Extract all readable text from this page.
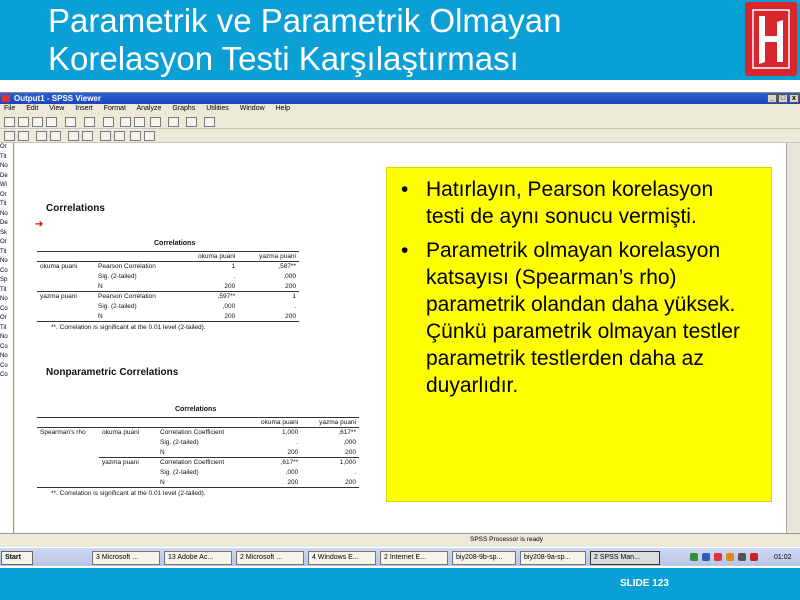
Parametrik ve Parametrik Olmayan
Korelasyon Testi Karşılaştırması
Output1 - SPSS Viewer	_ □ x
File Edit View Insert Format Analyze Graphs Utilities Window Help
Or
Tit
No
De
Wi
Or
Tit
No
De
Sk
Or
Tit
No
Co
Sp
Tit
No
Co
Or
Tit
No
Co
No
Co
Co
➔
Correlations
Correlations
		okuma puani	yazma puani
okuma puani	Pearson Correlation	1	,587**
	Sig. (2-tailed)	.	,000
	N	200	200
yazma puani	Pearson Correlation	,597**	1
	Sig. (2-tailed)	,000	.
	N	200	200
**. Correlation is significant at the 0.01 level (2-tailed).
Nonparametric Correlations
Correlations
			okuma puani	yazma puani
Spearman's rho	okuma puani	Correlation Coefficient	1,000	,617**
		Sig. (2-tailed)	.	,000
		N	200	200
	yazma puani	Correlation Coefficient	,617**	1,000
		Sig. (2-tailed)	,000	.
		N	200	200
**. Correlation is significant at the 0.01 level (2-tailed).
SPSS Processor is ready
Start	3 Microsoft ...	13 Adobe Ac...	2 Microsoft ...	4 Windows E...	2 Internet E...	biy208-9b-sp...	biy208-9a-sp...	2 SPSS Man...	01:02
• Hatırlayın, Pearson korelasyon testi de aynı sonucu vermişti.
• Parametrik olmayan korelasyon katsayısı (Spearman’s rho) parametrik olandan daha yüksek. Çünkü parametrik olmayan testler parametrik testlerden daha az duyarlıdır.
SLIDE 123
